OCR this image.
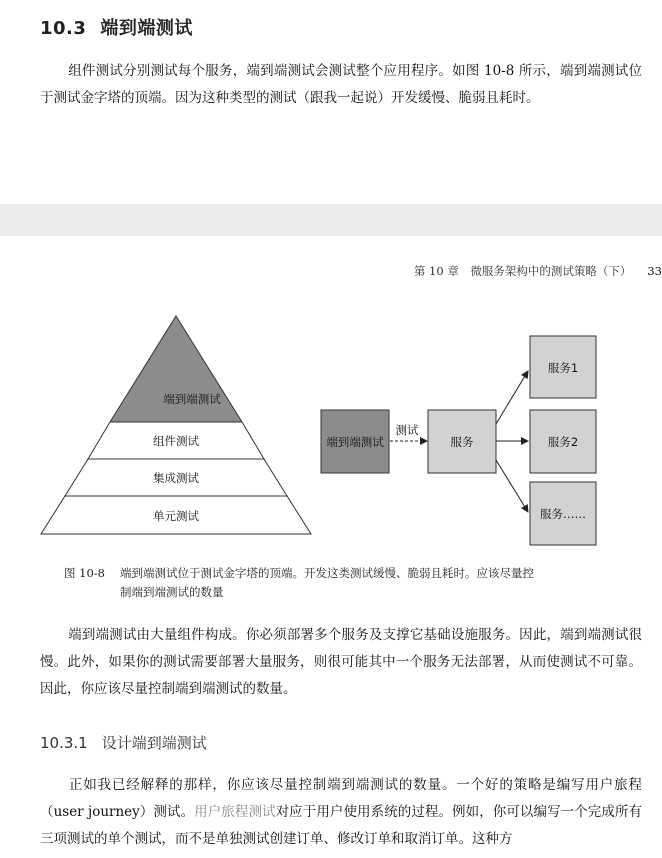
10.3 端到端测试
组件测试分别测试每个服务，端到端测试会测试整个应用程序。如图 10-8 所示，端到端测试位于测试金字塔的顶端。因为这种类型的测试（跟我一起说）开发缓慢、脆弱且耗时。
第 10 章　微服务架构中的测试策略（下） 33
端到端测试
组件测试
集成测试
单元测试
端到端测试
测试
服务
服务1
服务2
服务……
图 10-8 端到端测试位于测试金字塔的顶端。开发这类测试缓慢、脆弱且耗时。应该尽量控
制端到端测试的数量
端到端测试由大量组件构成。你必须部署多个服务及支撑它基础设施服务。因此，端到端测试很慢。此外，如果你的测试需要部署大量服务，则很可能其中一个服务无法部署，从而使测试不可靠。因此，你应该尽量控制端到端测试的数量。
10.3.1 设计端到端测试
正如我已经解释的那样，你应该尽量控制端到端测试的数量。一个好的策略是编写用户旅程（user journey）测试。用户旅程测试对应于用户使用系统的过程。例如，你可以编写一个完成所有三项测试的单个测试，而不是单独测试创建订单、修改订单和取消订单。这种方
